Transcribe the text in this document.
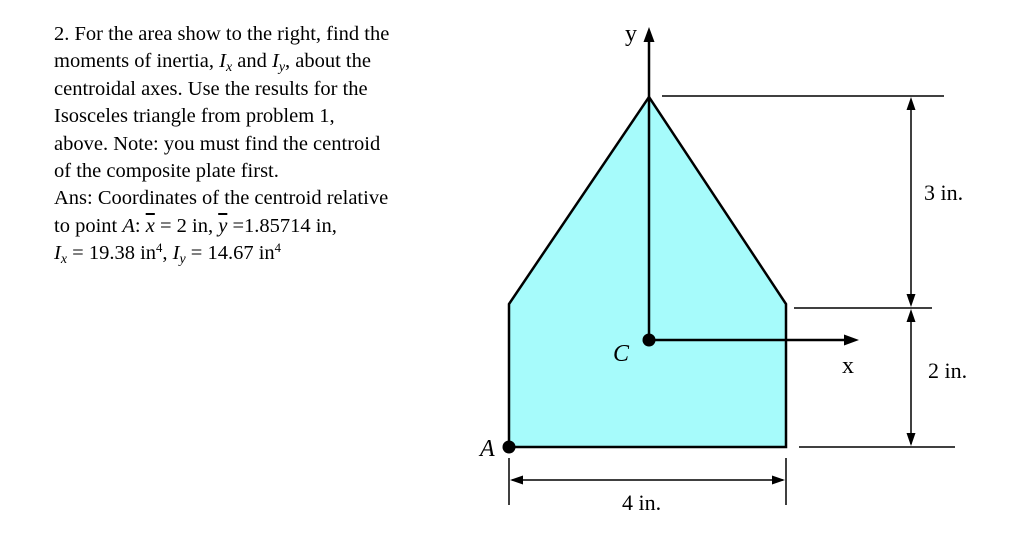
2. For the area show to the right, find the
moments of inertia, $I_x$ and $I_y$, about the
centroidal axes. Use the results for the
Isosceles triangle from problem 1,
above. Note: you must find the centroid
of the composite plate first.
Ans: Coordinates of the centroid relative
to point A: $\overline{x} = 2$ in, $\overline{y} =1.85714$ in,
$I_x = 19.38$ $in^4$, $I_y = 14.67$ $in^4$
y
x
C
A
3 in.
2 in.
4 in.
